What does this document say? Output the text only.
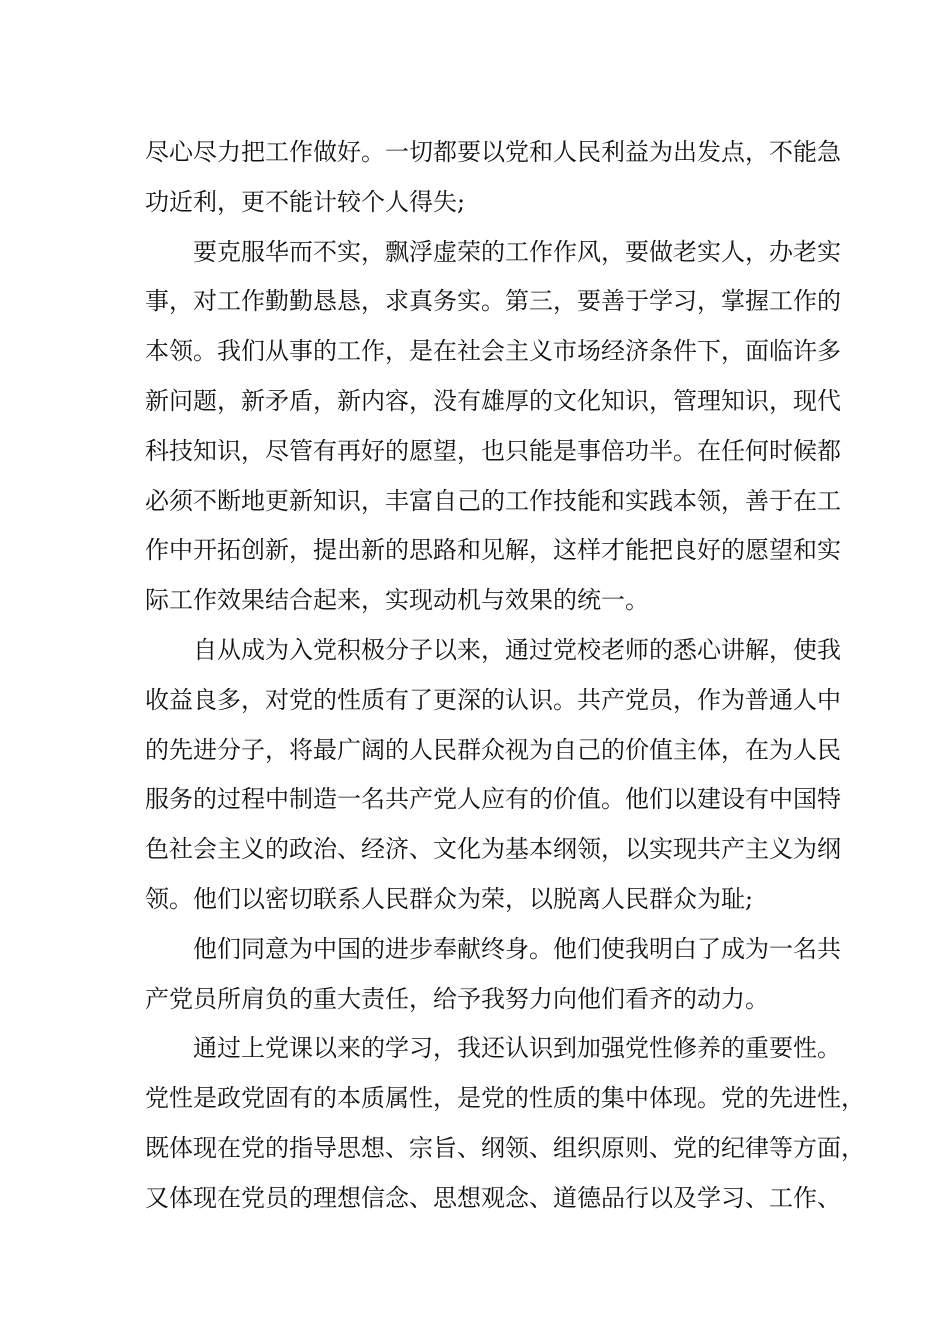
尽心尽力把工作做好。一切都要以党和人民利益为出发点，不能急
功近利，更不能计较个人得失;
要克服华而不实，飘浮虚荣的工作作风，要做老实人，办老实
事，对工作勤勤恳恳，求真务实。第三，要善于学习，掌握工作的
本领。我们从事的工作，是在社会主义市场经济条件下，面临许多
新问题，新矛盾，新内容，没有雄厚的文化知识，管理知识，现代
科技知识，尽管有再好的愿望，也只能是事倍功半。在任何时候都
必须不断地更新知识，丰富自己的工作技能和实践本领，善于在工
作中开拓创新，提出新的思路和见解，这样才能把良好的愿望和实
际工作效果结合起来，实现动机与效果的统一。
自从成为入党积极分子以来，通过党校老师的悉心讲解，使我
收益良多，对党的性质有了更深的认识。共产党员，作为普通人中
的先进分子，将最广阔的人民群众视为自己的价值主体，在为人民
服务的过程中制造一名共产党人应有的价值。他们以建设有中国特
色社会主义的政治、经济、文化为基本纲领，以实现共产主义为纲
领。他们以密切联系人民群众为荣，以脱离人民群众为耻;
他们同意为中国的进步奉献终身。他们使我明白了成为一名共
产党员所肩负的重大责任，给予我努力向他们看齐的动力。
通过上党课以来的学习，我还认识到加强党性修养的重要性。
党性是政党固有的本质属性，是党的性质的集中体现。党的先进性，
既体现在党的指导思想、宗旨、纲领、组织原则、党的纪律等方面，
又体现在党员的理想信念、思想观念、道德品行以及学习、工作、
